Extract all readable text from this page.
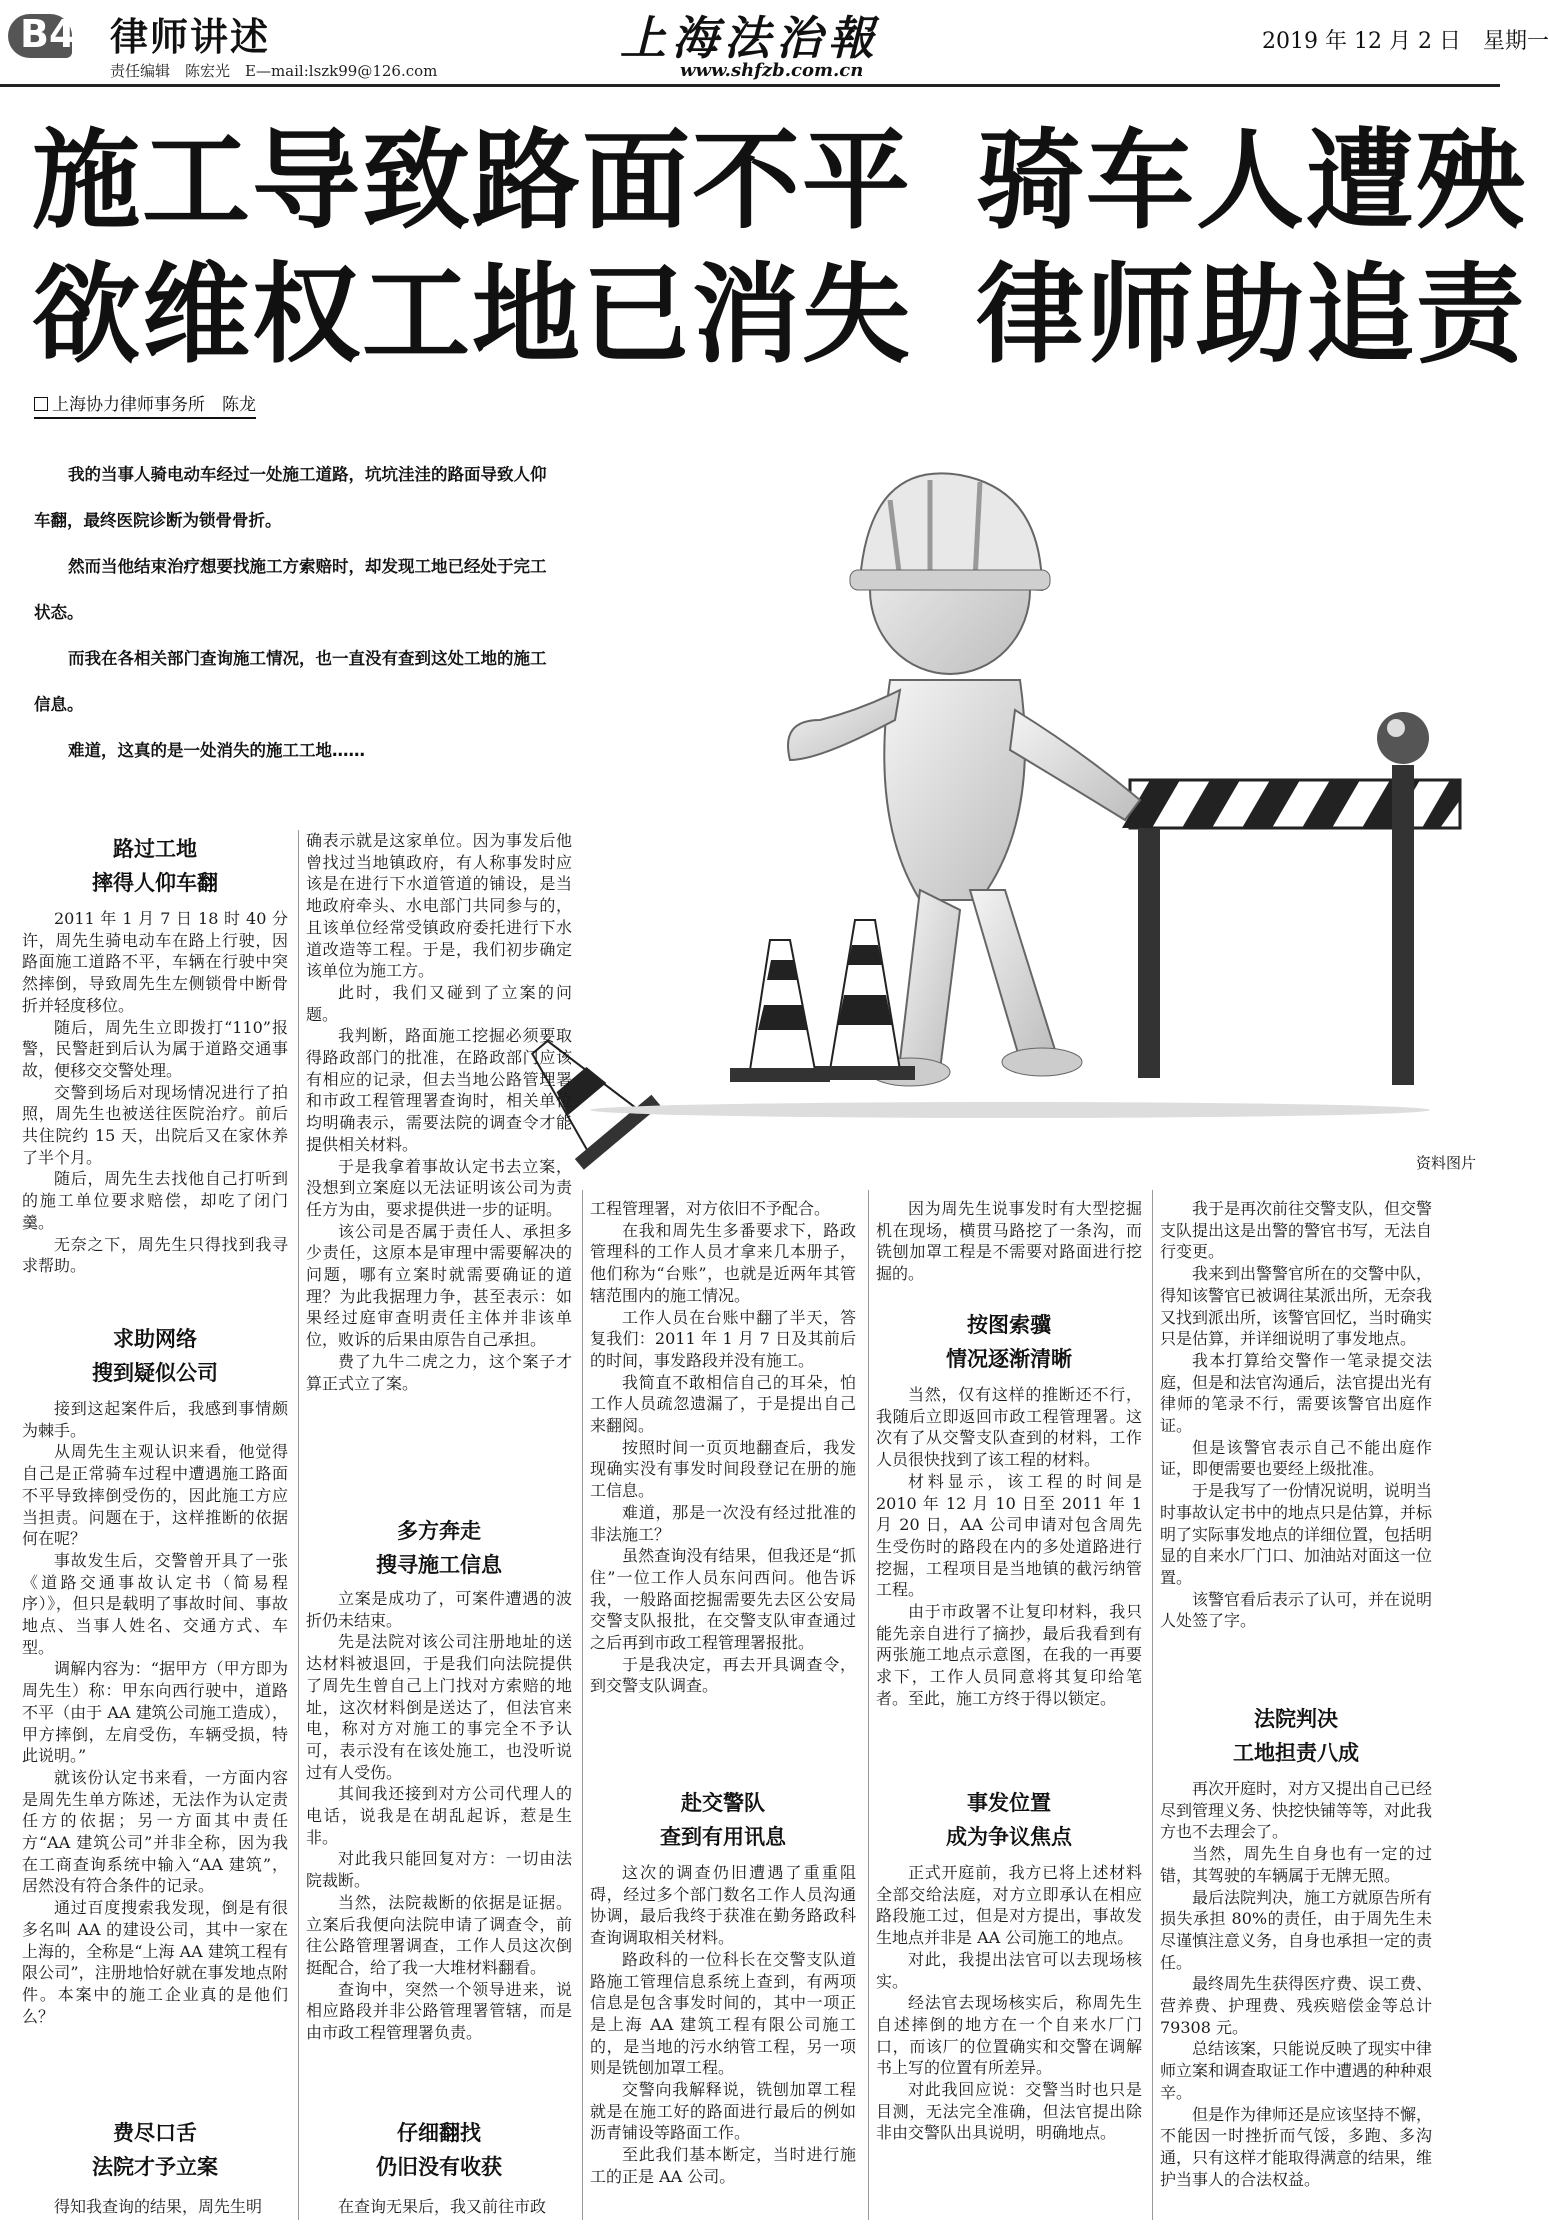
B4 律师讲述
责任编辑　陈宏光　E—mail:lszk99@126.com
上海法治報
www.shfzb.com.cn
2019 年 12 月 2 日　星期一
施工导致路面不平 骑车人遭殃
欲维权工地已消失 律师助追责
上海协力律师事务所　陈龙

我的当事人骑电动车经过一处施工道路，坑坑洼洼的路面导致人仰车翻，最终医院诊断为锁骨骨折。

然而当他结束治疗想要找施工方索赔时，却发现工地已经处于完工状态。

而我在各相关部门查询施工情况，也一直没有查到这处工地的施工信息。

难道，这真的是一处消失的施工工地……

资料图片
路过工地
摔得人仰车翻

2011 年 1 月 7 日 18 时 40 分许，周先生骑电动车在路上行驶，因路面施工道路不平，车辆在行驶中突然摔倒，导致周先生左侧锁骨中断骨折并轻度移位。

随后，周先生立即拨打“110”报警，民警赶到后认为属于道路交通事故，便移交交警处理。

交警到场后对现场情况进行了拍照，周先生也被送往医院治疗。前后共住院约 15 天，出院后又在家休养了半个月。

随后，周先生去找他自己打听到的施工单位要求赔偿，却吃了闭门羹。

无奈之下，周先生只得找到我寻求帮助。

求助网络
搜到疑似公司

接到这起案件后，我感到事情颇为棘手。

从周先生主观认识来看，他觉得自己是正常骑车过程中遭遇施工路面不平导致摔倒受伤的，因此施工方应当担责。问题在于，这样推断的依据何在呢？

事故发生后，交警曾开具了一张《道路交通事故认定书（简易程序）》，但只是载明了事故时间、事故地点、当事人姓名、交通方式、车型。

调解内容为：“据甲方（甲方即为周先生）称：甲东向西行驶中，道路不平（由于 AA 建筑公司施工造成），甲方摔倒，左肩受伤，车辆受损，特此说明。”

就该份认定书来看，一方面内容是周先生单方陈述，无法作为认定责任方的依据；另一方面其中责任方“AA 建筑公司”并非全称，因为我在工商查询系统中输入“AA 建筑”，居然没有符合条件的记录。

通过百度搜索我发现，倒是有很多名叫 AA 的建设公司，其中一家在上海的，全称是“上海 AA 建筑工程有限公司”，注册地恰好就在事发地点附件。本案中的施工企业真的是他们么？

费尽口舌
法院才予立案

得知我查询的结果，周先生明

确表示就是这家单位。因为事发后他曾找过当地镇政府，有人称事发时应该是在进行下水道管道的铺设，是当地政府牵头、水电部门共同参与的，且该单位经常受镇政府委托进行下水道改造等工程。于是，我们初步确定该单位为施工方。

此时，我们又碰到了立案的问题。

我判断，路面施工挖掘必须要取得路政部门的批准，在路政部门应该有相应的记录，但去当地公路管理署和市政工程管理署查询时，相关单位均明确表示，需要法院的调查令才能提供相关材料。

于是我拿着事故认定书去立案，没想到立案庭以无法证明该公司为责任方为由，要求提供进一步的证明。

该公司是否属于责任人、承担多少责任，这原本是审理中需要解决的问题，哪有立案时就需要确证的道理？为此我据理力争，甚至表示：如果经过庭审查明责任主体并非该单位，败诉的后果由原告自己承担。

费了九牛二虎之力，这个案子才算正式立了案。

多方奔走
搜寻施工信息

立案是成功了，可案件遭遇的波折仍未结束。

先是法院对该公司注册地址的送达材料被退回，于是我们向法院提供了周先生曾自己上门找对方索赔的地址，这次材料倒是送达了，但法官来电，称对方对施工的事完全不予认可，表示没有在该处施工，也没听说过有人受伤。

其间我还接到对方公司代理人的电话，说我是在胡乱起诉，惹是生非。

对此我只能回复对方：一切由法院裁断。

当然，法院裁断的依据是证据。立案后我便向法院申请了调查令，前往公路管理署调查，工作人员这次倒挺配合，给了我一大堆材料翻看。

查询中，突然一个领导进来，说相应路段并非公路管理署管辖，而是由市政工程管理署负责。

仔细翻找
仍旧没有收获

在查询无果后，我又前往市政

工程管理署，对方依旧不予配合。

在我和周先生多番要求下，路政管理科的工作人员才拿来几本册子，他们称为“台账”，也就是近两年其管辖范围内的施工情况。

工作人员在台账中翻了半天，答复我们：2011 年 1 月 7 日及其前后的时间，事发路段并没有施工。

我简直不敢相信自己的耳朵，怕工作人员疏忽遗漏了，于是提出自己来翻阅。

按照时间一页页地翻查后，我发现确实没有事发时间段登记在册的施工信息。

难道，那是一次没有经过批准的非法施工？

虽然查询没有结果，但我还是“抓住”一位工作人员东问西问。他告诉我，一般路面挖掘需要先去区公安局交警支队报批，在交警支队审查通过之后再到市政工程管理署报批。

于是我决定，再去开具调查令，到交警支队调查。

赴交警队
查到有用讯息

这次的调查仍旧遭遇了重重阻碍，经过多个部门数名工作人员沟通协调，最后我终于获准在勤务路政科查询调取相关材料。

路政科的一位科长在交警支队道路施工管理信息系统上查到，有两项信息是包含事发时间的，其中一项正是上海 AA 建筑工程有限公司施工的，是当地的污水纳管工程，另一项则是铣刨加罩工程。

交警向我解释说，铣刨加罩工程就是在施工好的路面进行最后的例如沥青铺设等路面工作。

至此我们基本断定，当时进行施工的正是 AA 公司。

因为周先生说事发时有大型挖掘机在现场，横贯马路挖了一条沟，而铣刨加罩工程是不需要对路面进行挖掘的。

按图索骥
情况逐渐清晰

当然，仅有这样的推断还不行，我随后立即返回市政工程管理署。这次有了从交警支队查到的材料，工作人员很快找到了该工程的材料。

材料显示，该工程的时间是 2010 年 12 月 10 日至 2011 年 1 月 20 日，AA 公司申请对包含周先生受伤时的路段在内的多处道路进行挖掘，工程项目是当地镇的截污纳管工程。

由于市政署不让复印材料，我只能先亲自进行了摘抄，最后我看到有两张施工地点示意图，在我的一再要求下，工作人员同意将其复印给笔者。至此，施工方终于得以锁定。

事发位置
成为争议焦点

正式开庭前，我方已将上述材料全部交给法庭，对方立即承认在相应路段施工过，但是对方提出，事故发生地点并非是 AA 公司施工的地点。

对此，我提出法官可以去现场核实。

经法官去现场核实后，称周先生自述摔倒的地方在一个自来水厂门口，而该厂的位置确实和交警在调解书上写的位置有所差异。

对此我回应说：交警当时也只是目测，无法完全准确，但法官提出除非由交警队出具说明，明确地点。

我于是再次前往交警支队，但交警支队提出这是出警的警官书写，无法自行变更。

我来到出警警官所在的交警中队，得知该警官已被调往某派出所，无奈我又找到派出所，该警官回忆，当时确实只是估算，并详细说明了事发地点。

我本打算给交警作一笔录提交法庭，但是和法官沟通后，法官提出光有律师的笔录不行，需要该警官出庭作证。

但是该警官表示自己不能出庭作证，即便需要也要经上级批准。

于是我写了一份情况说明，说明当时事故认定书中的地点只是估算，并标明了实际事发地点的详细位置，包括明显的自来水厂门口、加油站对面这一位置。

该警官看后表示了认可，并在说明人处签了字。

法院判决
工地担责八成

再次开庭时，对方又提出自己已经尽到管理义务、快挖快铺等等，对此我方也不去理会了。

当然，周先生自身也有一定的过错，其驾驶的车辆属于无牌无照。

最后法院判决，施工方就原告所有损失承担 80%的责任，由于周先生未尽谨慎注意义务，自身也承担一定的责任。

最终周先生获得医疗费、误工费、营养费、护理费、残疾赔偿金等总计 79308 元。

总结该案，只能说反映了现实中律师立案和调查取证工作中遭遇的种种艰辛。

但是作为律师还是应该坚持不懈，不能因一时挫折而气馁，多跑、多沟通，只有这样才能取得满意的结果，维护当事人的合法权益。
